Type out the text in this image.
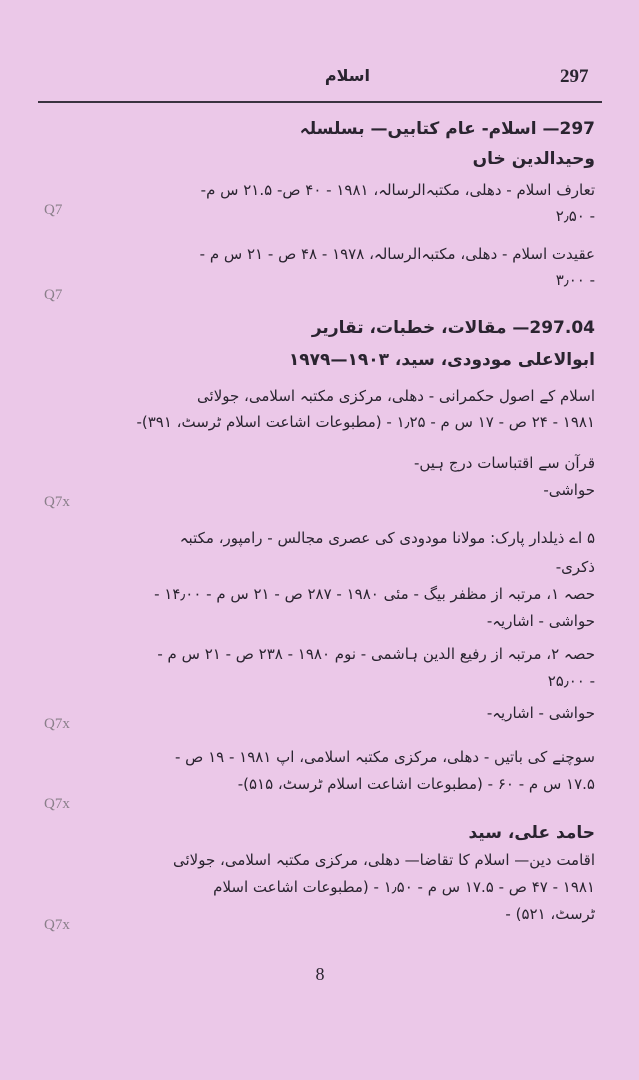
297
اسلام
297— اسلام- عام کتابیں— بسلسلہ
وحیدالدین خاں
تعارف اسلام - دھلی، مکتبہ‌الرسالہ، ۱۹۸۱ - ۴۰ ص- ۲۱.۵ س م-
۲٫۵۰ -
Q7
عقیدت اسلام - دھلی، مکتبہ‌الرسالہ، ۱۹۷۸ - ۴۸ ص - ۲۱ س م -
۳٫۰۰ -
Q7
297.04— مقالات، خطبات، تقاریر
ابوالاعلی مودودی، سید، ۱۹۰۳—۱۹۷۹
اسلام کے اصول حکمرانی - دھلی، مرکزی مکتبہ اسلامی، جولائی
۱۹۸۱ - ۲۴ ص - ۱۷ س م - ۱٫۲۵ - (مطبوعات اشاعت اسلام ٹرسٹ، ۳۹۱)-
قرآن سے اقتباسات درج ہیں-
حواشی-
Q7x
۵ اے ذیلدار پارک: مولانا مودودی کی عصری مجالس - رامپور، مکتبہ
ذکری-
حصہ ۱، مرتبہ از مظفر بیگ - مئی ۱۹۸۰ - ۲۸۷ ص - ۲۱ س م - ۱۴٫۰۰ -
حواشی - اشاریہ-
حصہ ۲، مرتبہ از رفیع الدین ہاشمی - نوم ۱۹۸۰ - ۲۳۸ ص - ۲۱ س م -
۲۵٫۰۰ -
حواشی - اشاریہ-
Q7x
سوچنے کی باتیں - دھلی، مرکزی مکتبہ اسلامی، اپ ۱۹۸۱ - ۱۹ ص -
۱۷.۵ س م - ۶۰ - (مطبوعات اشاعت اسلام ٹرسٹ، ۵۱۵)-
Q7x
حامد علی، سید
اقامت دین— اسلام کا تقاضا— دھلی، مرکزی مکتبہ اسلامی، جولائی
۱۹۸۱ - ۴۷ ص - ۱۷.۵ س م - ۱٫۵۰ - (مطبوعات اشاعت اسلام
ٹرسٹ، ۵۲۱) -
Q7x
8
